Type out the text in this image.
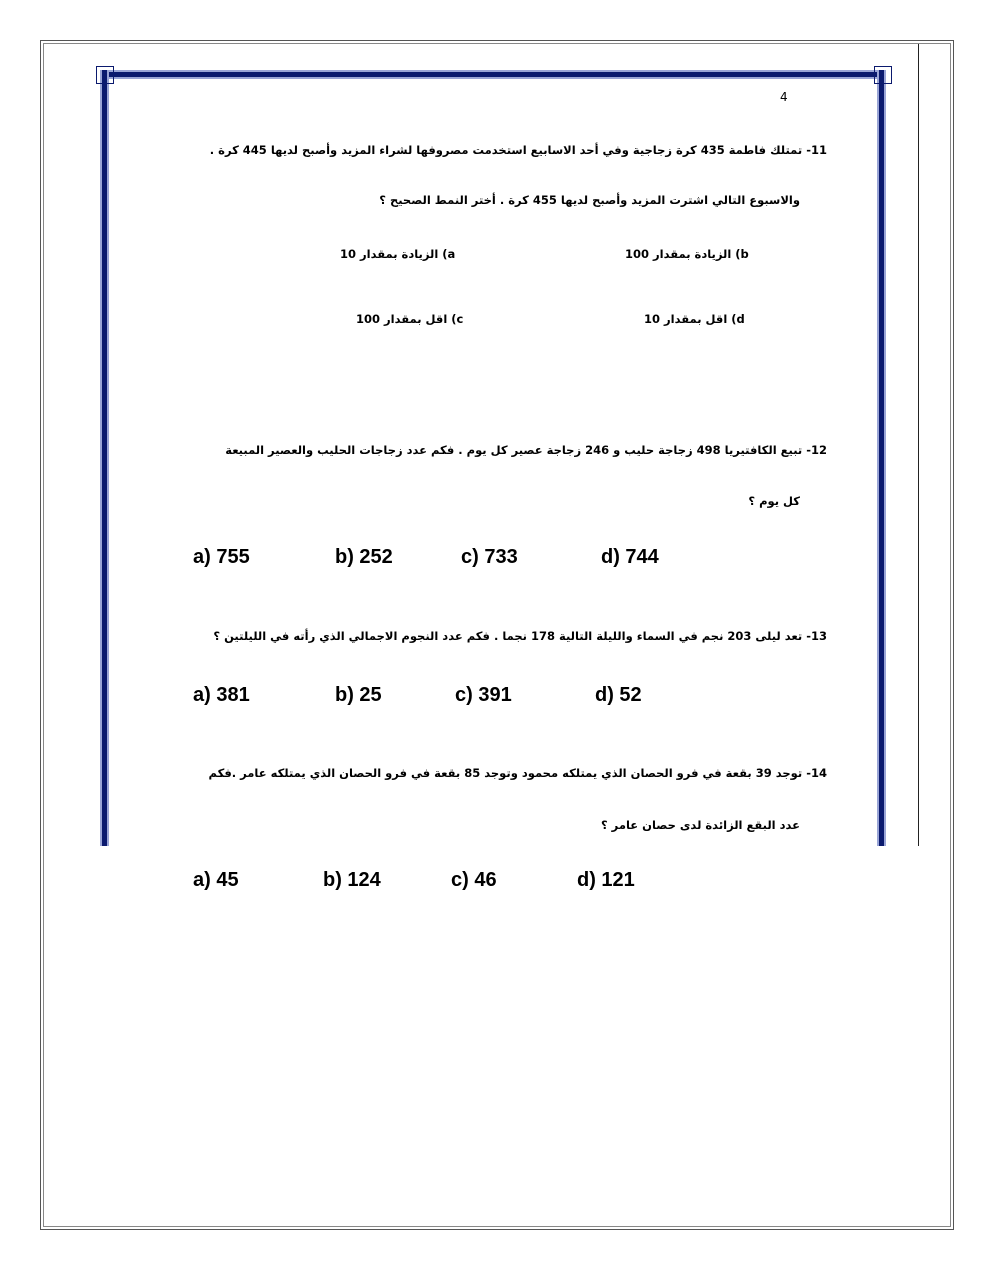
4
11- تمتلك فاطمة 435 كرة زجاجية وفي أحد الاسابيع استخدمت مصروفها لشراء المزيد وأصبح لديها 445 كرة .
والاسبوع التالي اشترت المزيد وأصبح لديها 455 كرة . أختر النمط الصحيح ؟
a) الزيادة بمقدار 10	b) الزيادة بمقدار 100
c) اقل بمقدار 100	d) اقل بمقدار 10
12- تبيع الكافتيريا 498 زجاجة حليب و 246 زجاجة عصير كل يوم . فكم عدد زجاجات الحليب والعصير المبيعة
كل يوم ؟
a) 755	b) 252	c) 733	d) 744
13- تعد ليلى 203 نجم في السماء والليلة التالية 178 نجما . فكم عدد النجوم الاجمالي الذي رأته في الليلتين ؟
a) 381	b) 25	c) 391	d) 52
14- توجد 39 بقعة في فرو الحصان الذي يمتلكه محمود وتوجد 85 بقعة في فرو الحصان الذي يمتلكه عامر .فكم
عدد البقع الزائدة لدى حصان عامر ؟
a) 45	b) 124	c) 46	d) 121
